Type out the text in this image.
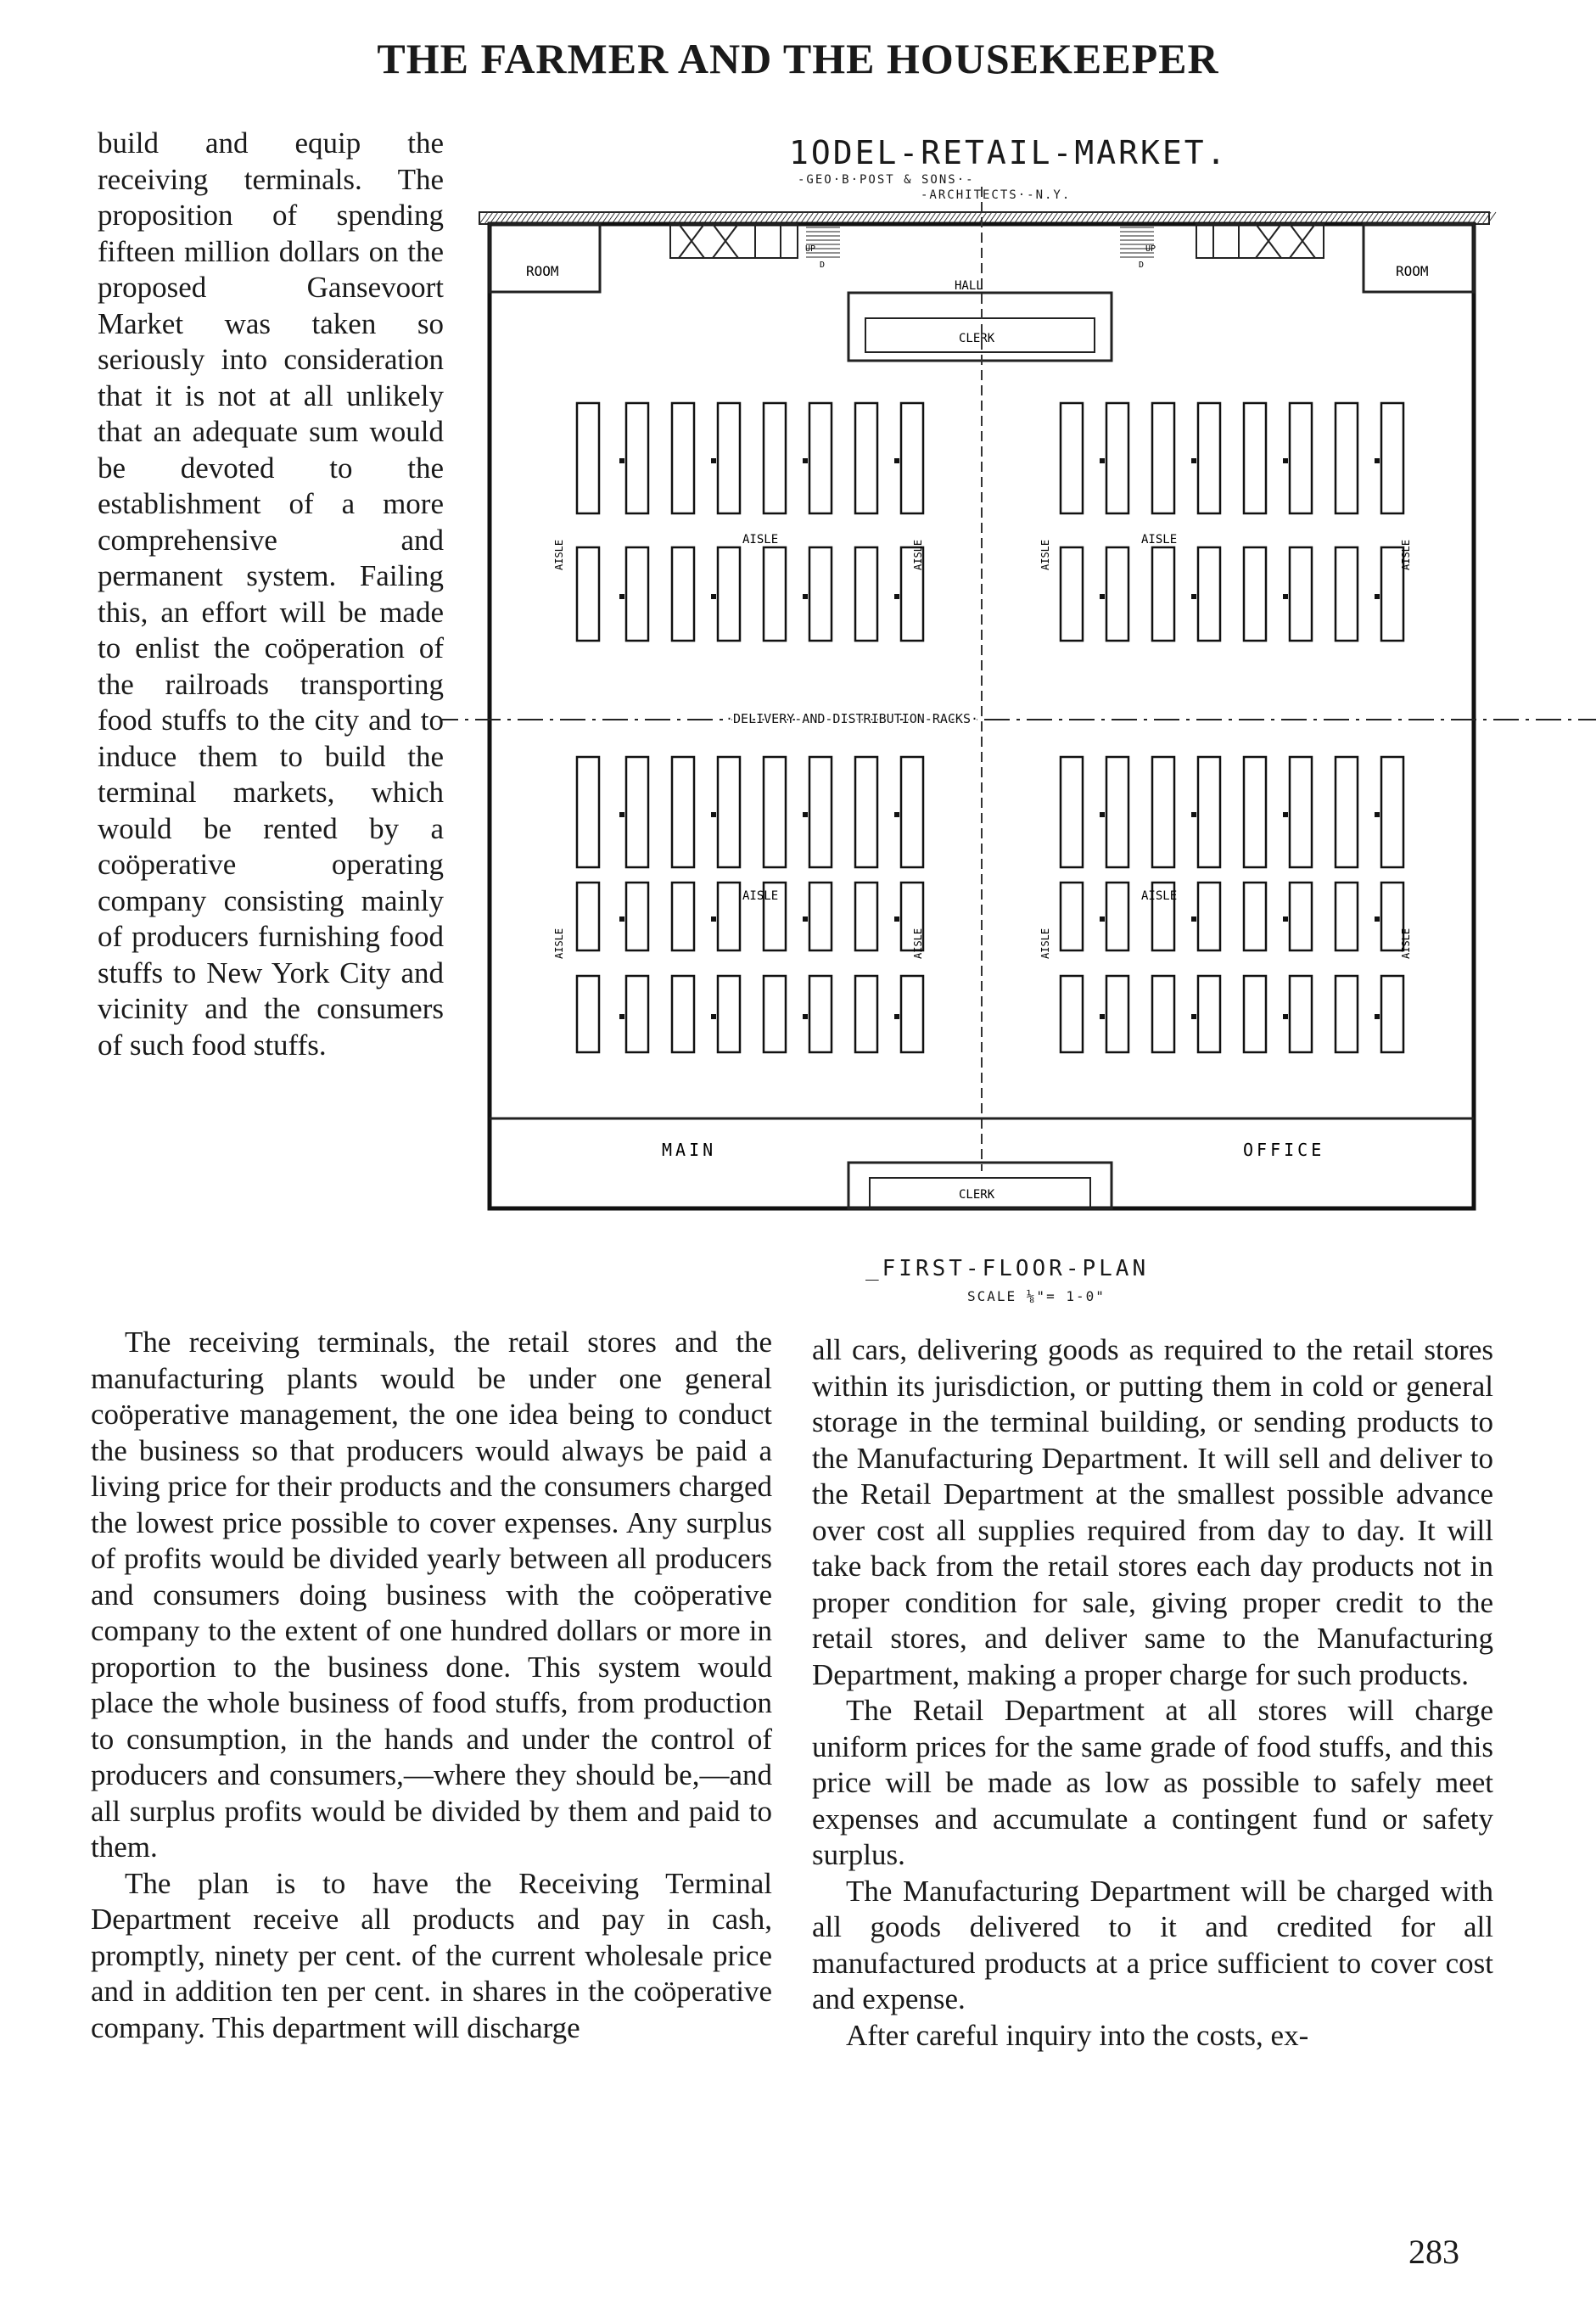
THE FARMER AND THE HOUSEKEEPER

build and equip the receiving terminals. The proposition of spending fifteen million dollars on the proposed Gansevoort Market was taken so seriously into consideration that it is not at all unlikely that an adequate sum would be devoted to the establishment of a more comprehensive and permanent system. Failing this, an effort will be made to enlist the coöperation of the railroads transporting food stuffs to the city and to induce them to build the terminal markets, which would be rented by a coöperative operating company consisting mainly of producers furnishing food stuffs to New York City and vicinity and the consumers of such food stuffs.

1ODEL-RETAIL-MARKET.
-GEO·B·POST & SONS·-
-ARCHITECTS·-N.Y.
ROOM	ROOM
UP	UP
D	D
HALL
CLERK
AISLE	AISLE
AISLE	AISLE
AISLE	AISLE	AISLE	AISLE
AISLE	AISLE	AISLE	AISLE
·DELIVERY-AND-DISTRIBUTION-RACKS·
MAIN	OFFICE
CLERK
_FIRST-FLOOR-PLAN
SCALE ⅛"= 1-0"

The receiving terminals, the retail stores and the manufacturing plants would be under one general coöperative management, the one idea being to conduct the business so that producers would always be paid a living price for their products and the consumers charged the lowest price possible to cover expenses. Any surplus of profits would be divided yearly between all producers and consumers doing business with the coöperative company to the extent of one hundred dollars or more in proportion to the business done. This system would place the whole business of food stuffs, from production to consumption, in the hands and under the control of producers and consumers,—where they should be,—and all surplus profits would be divided by them and paid to them.

The plan is to have the Receiving Terminal Department receive all products and pay in cash, promptly, ninety per cent. of the current wholesale price and in addition ten per cent. in shares in the coöperative company. This department will discharge

all cars, delivering goods as required to the retail stores within its jurisdiction, or putting them in cold or general storage in the terminal building, or sending products to the Manufacturing Department. It will sell and deliver to the Retail Department at the smallest possible advance over cost all supplies required from day to day. It will take back from the retail stores each day products not in proper condition for sale, giving proper credit to the retail stores, and deliver same to the Manufacturing Department, making a proper charge for such products.

The Retail Department at all stores will charge uniform prices for the same grade of food stuffs, and this price will be made as low as possible to safely meet expenses and accumulate a contingent fund or safety surplus.

The Manufacturing Department will be charged with all goods delivered to it and credited for all manufactured products at a price sufficient to cover cost and expense.

After careful inquiry into the costs, ex-

283
